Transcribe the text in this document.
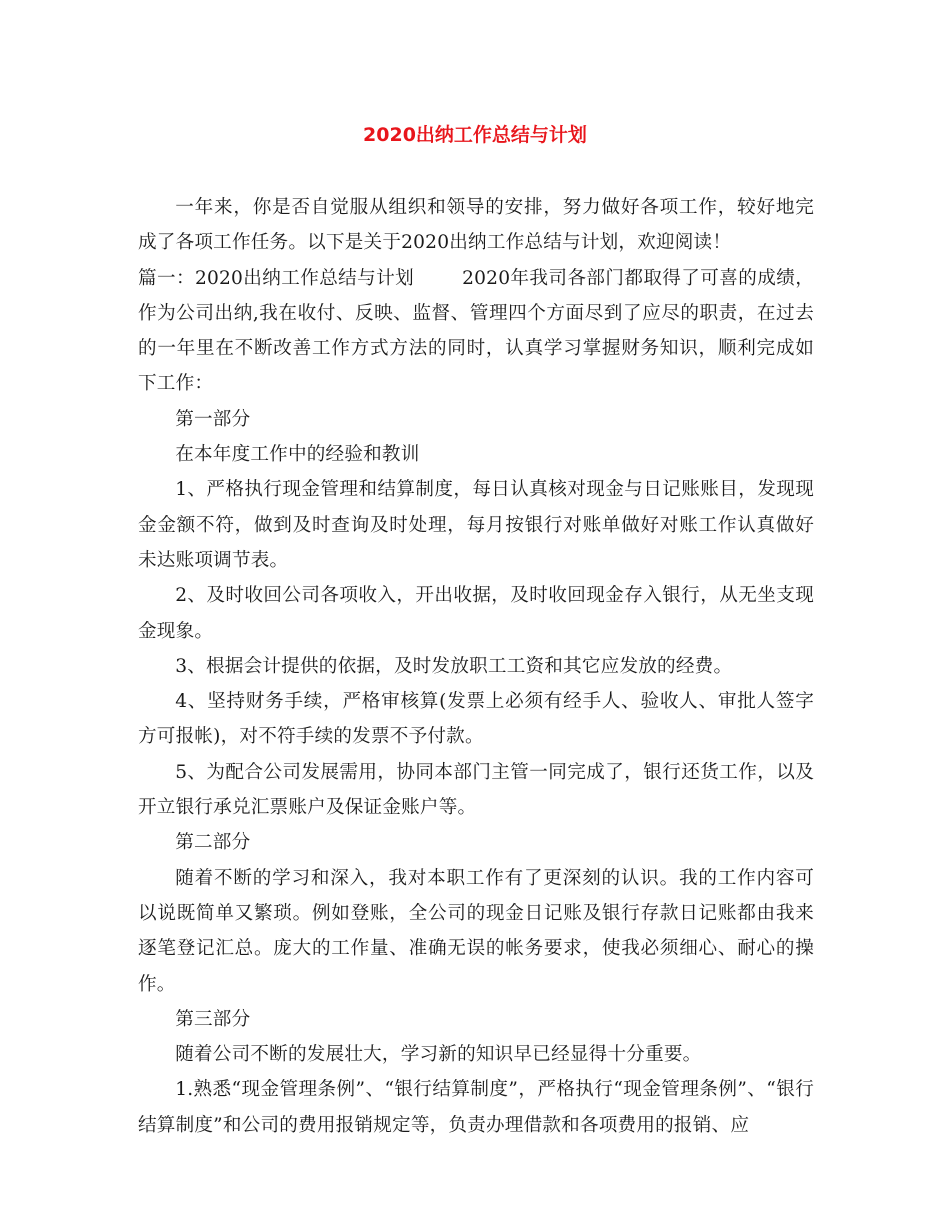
2020出纳工作总结与计划

一年来，你是否自觉服从组织和领导的安排，努力做好各项工作，较好地完成了各项工作任务。以下是关于2020出纳工作总结与计划，欢迎阅读！

篇一：2020出纳工作总结与计划	2020年我司各部门都取得了可喜的成绩，作为公司出纳,我在收付、反映、监督、管理四个方面尽到了应尽的职责，在过去的一年里在不断改善工作方式方法的同时，认真学习掌握财务知识，顺利完成如下工作：

第一部分

在本年度工作中的经验和教训

1、严格执行现金管理和结算制度，每日认真核对现金与日记账账目，发现现金金额不符，做到及时查询及时处理，每月按银行对账单做好对账工作认真做好未达账项调节表。

2、及时收回公司各项收入，开出收据，及时收回现金存入银行，从无坐支现金现象。

3、根据会计提供的依据，及时发放职工工资和其它应发放的经费。

4、坚持财务手续，严格审核算(发票上必须有经手人、验收人、审批人签字方可报帐)，对不符手续的发票不予付款。

5、为配合公司发展需用，协同本部门主管一同完成了，银行还货工作，以及开立银行承兑汇票账户及保证金账户等。

第二部分

随着不断的学习和深入，我对本职工作有了更深刻的认识。我的工作内容可以说既简单又繁琐。例如登账，全公司的现金日记账及银行存款日记账都由我来逐笔登记汇总。庞大的工作量、准确无误的帐务要求，使我必须细心、耐心的操作。

第三部分

随着公司不断的发展壮大，学习新的知识早已经显得十分重要。

1.熟悉“现金管理条例”、“银行结算制度”，严格执行“现金管理条例”、“银行结算制度”和公司的费用报销规定等，负责办理借款和各项费用的报销、应
